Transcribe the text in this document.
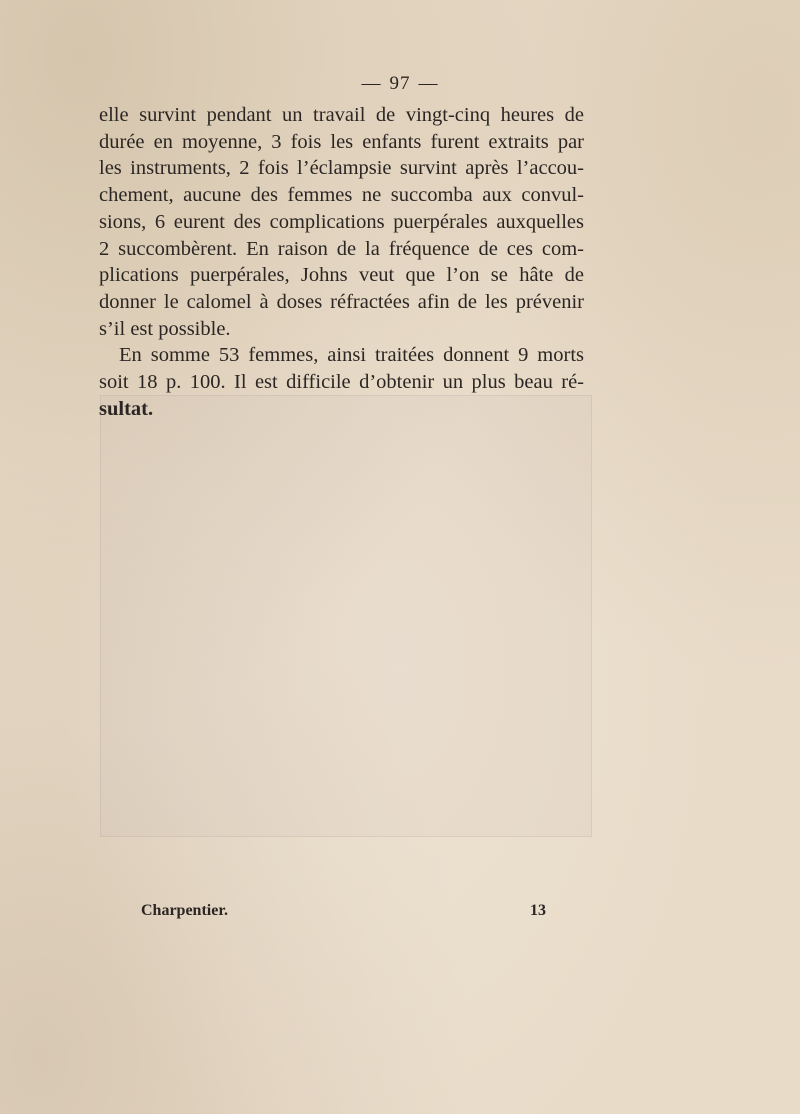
— 97 —
elle survint pendant un travail de vingt-cinq heures de
durée en moyenne, 3 fois les enfants furent extraits par
les instruments, 2 fois l’éclampsie survint après l’accou-
chement, aucune des femmes ne succomba aux convul-
sions, 6 eurent des complications puerpérales auxquelles
2 succombèrent. En raison de la fréquence de ces com-
plications puerpérales, Johns veut que l’on se hâte de
donner le calomel à doses réfractées afin de les prévenir
s’il est possible.
En somme 53 femmes, ainsi traitées donnent 9 morts
soit 18 p. 100. Il est difficile d’obtenir un plus beau ré-
sultat.
Charpentier.	13
